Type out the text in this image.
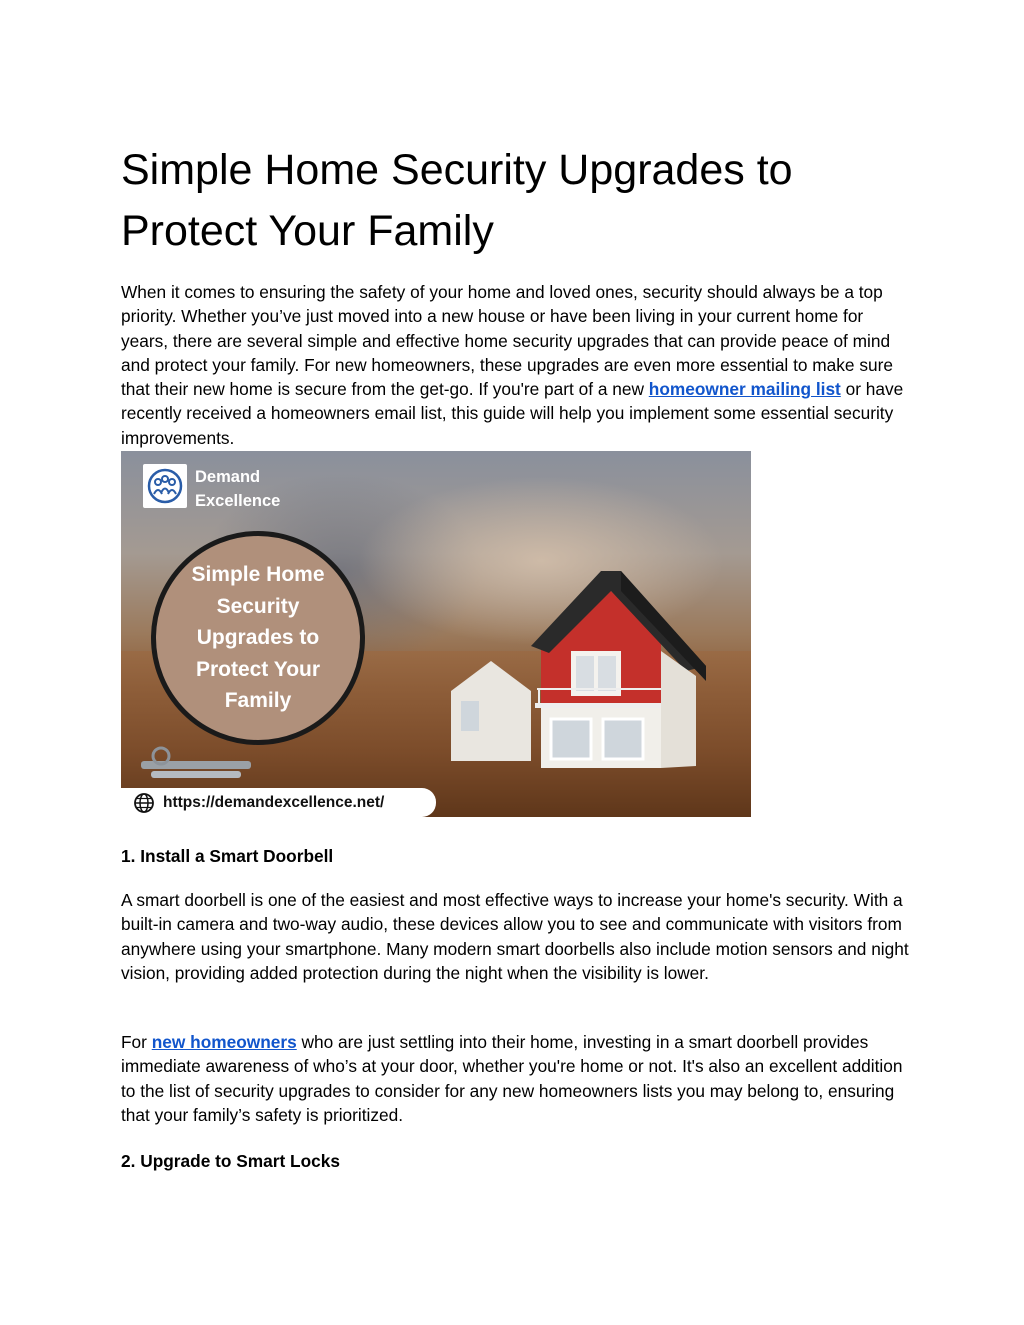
Simple Home Security Upgrades to Protect Your Family

When it comes to ensuring the safety of your home and loved ones, security should always be a top priority. Whether you’ve just moved into a new house or have been living in your current home for years, there are several simple and effective home security upgrades that can provide peace of mind and protect your family. For new homeowners, these upgrades are even more essential to make sure that their new home is secure from the get-go. If you're part of a new homeowner mailing list or have recently received a homeowners email list, this guide will help you implement some essential security improvements.

1. Install a Smart Doorbell

A smart doorbell is one of the easiest and most effective ways to increase your home's security. With a built-in camera and two-way audio, these devices allow you to see and communicate with visitors from anywhere using your smartphone. Many modern smart doorbells also include motion sensors and night vision, providing added protection during the night when the visibility is lower.

For new homeowners who are just settling into their home, investing in a smart doorbell provides immediate awareness of who’s at your door, whether you're home or not. It's also an excellent addition to the list of security upgrades to consider for any new homeowners lists you may belong to, ensuring that your family’s safety is prioritized.

2. Upgrade to Smart Locks
Demand
Excellence
Simple Home Security Upgrades to Protect Your Family
https://demandexcellence.net/
